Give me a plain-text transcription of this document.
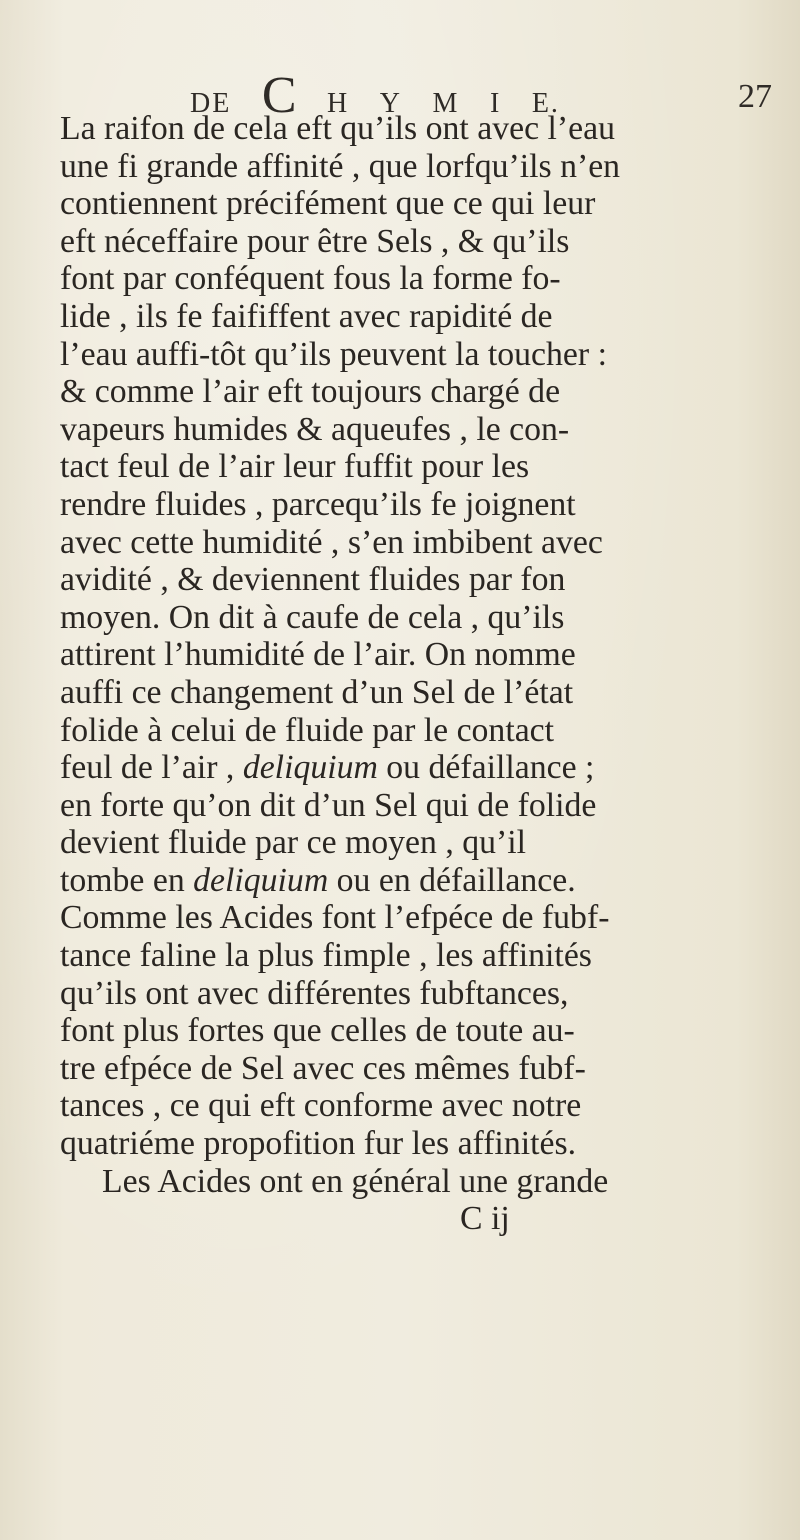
DE C H Y M I E.	27
La raifon de cela eft qu’ils ont avec l’eau
une fi grande affinité , que lorfqu’ils n’en
contiennent précifément que ce qui leur
eft néceffaire pour être Sels , & qu’ils
font par conféquent fous la forme fo-
lide , ils fe faififfent avec rapidité de
l’eau auffi-tôt qu’ils peuvent la toucher :
& comme l’air eft toujours chargé de
vapeurs humides & aqueufes , le con-
tact feul de l’air leur fuffit pour les
rendre fluides , parcequ’ils fe joignent
avec cette humidité , s’en imbibent avec
avidité , & deviennent fluides par fon
moyen. On dit à caufe de cela , qu’ils
attirent l’humidité de l’air. On nomme
auffi ce changement d’un Sel de l’état
folide à celui de fluide par le contact
feul de l’air , deliquium ou défaillance ;
en forte qu’on dit d’un Sel qui de folide
devient fluide par ce moyen , qu’il
tombe en deliquium ou en défaillance.
Comme les Acides font l’efpéce de fubf-
tance faline la plus fimple , les affinités
qu’ils ont avec différentes fubftances,
font plus fortes que celles de toute au-
tre efpéce de Sel avec ces mêmes fubf-
tances , ce qui eft conforme avec notre
quatriéme propofition fur les affinités.
Les Acides ont en général une grande
C ij
